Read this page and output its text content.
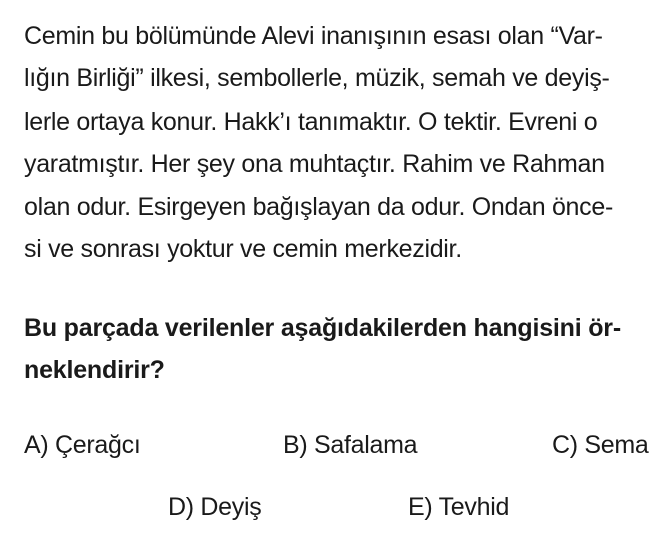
Cemin bu bölümünde Alevi inanışının esası olan “Var-
lığın Birliği” ilkesi, sembollerle, müzik, semah ve deyiş-
lerle ortaya konur. Hakk’ı tanımaktır. O tektir. Evreni o
yaratmıştır. Her şey ona muhtaçtır. Rahim ve Rahman
olan odur. Esirgeyen bağışlayan da odur. Ondan önce-
si ve sonrası yoktur ve cemin merkezidir.
Bu parçada verilenler aşağıdakilerden hangisini ör-
neklendirir?
A) Çerağcı	B) Safalama	C) Sema
D) Deyiş	E) Tevhid
